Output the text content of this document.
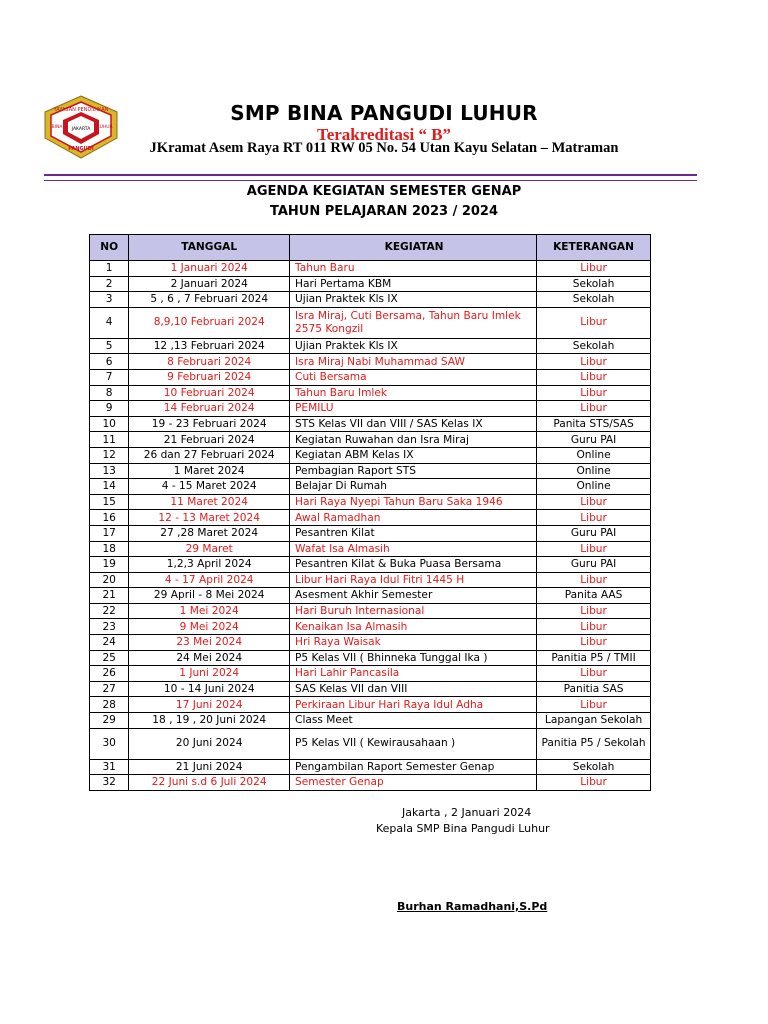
YAYASAN PENDIDIKAN
PANGUDI
BINA	LUHUR
JAKARTA
SMP BINA PANGUDI LUHUR
Terakreditasi “ B”
JKramat Asem Raya RT 011 RW 05 No. 54 Utan Kayu Selatan – Matraman
AGENDA KEGIATAN SEMESTER GENAP
TAHUN PELAJARAN 2023 / 2024
NO	TANGGAL	KEGIATAN	KETERANGAN
1	1 Januari 2024	Tahun Baru	Libur
2	2 Januari 2024	Hari Pertama KBM	Sekolah
3	5 , 6 , 7 Februari 2024	Ujian Praktek Kls IX	Sekolah
4	8,9,10 Februari 2024	Isra Miraj, Cuti Bersama, Tahun Baru Imlek 2575 Kongzil	Libur
5	12 ,13 Februari 2024	Ujian Praktek Kls IX	Sekolah
6	8 Februari 2024	Isra Miraj Nabi Muhammad SAW	Libur
7	9 Februari 2024	Cuti Bersama	Libur
8	10 Februari 2024	Tahun Baru Imlek	Libur
9	14 Februari 2024	PEMILU	Libur
10	19 - 23 Februari 2024	STS Kelas VII dan VIII / SAS Kelas IX	Panita STS/SAS
11	21 Februari 2024	Kegiatan Ruwahan dan Isra Miraj	Guru PAI
12	26 dan 27 Februari 2024	Kegiatan ABM Kelas IX	Online
13	1 Maret 2024	Pembagian Raport STS	Online
14	4 - 15 Maret 2024	Belajar Di Rumah	Online
15	11 Maret 2024	Hari Raya Nyepi Tahun Baru Saka 1946	Libur
16	12 - 13 Maret 2024	Awal Ramadhan	Libur
17	27 ,28 Maret 2024	Pesantren Kilat	Guru PAI
18	29 Maret	Wafat Isa Almasih	Libur
19	1,2,3 April 2024	Pesantren Kilat & Buka Puasa Bersama	Guru PAI
20	4 - 17 April 2024	Libur Hari Raya Idul Fitri 1445 H	Libur
21	29 April - 8 Mei 2024	Asesment Akhir Semester	Panita AAS
22	1 Mei 2024	Hari Buruh Internasional	Libur
23	9 Mei 2024	Kenaikan Isa Almasih	Libur
24	23 Mei 2024	Hri Raya Waisak	Libur
25	24 Mei 2024	P5 Kelas VII ( Bhinneka Tunggal Ika )	Panitia P5 / TMII
26	1 Juni 2024	Hari Lahir Pancasila	Libur
27	10 - 14 Juni 2024	SAS Kelas VII dan VIII	Panitia SAS
28	17 Juni 2024	Perkiraan Libur Hari Raya Idul Adha	Libur
29	18 , 19 , 20 Juni 2024	Class Meet	Lapangan Sekolah
30	20 Juni 2024	P5 Kelas VII ( Kewirausahaan )	Panitia P5 / Sekolah
31	21 Juni 2024	Pengambilan Raport Semester Genap	Sekolah
32	22 Juni s.d 6 Juli 2024	Semester Genap	Libur
Jakarta , 2 Januari 2024
Kepala SMP Bina Pangudi Luhur
Burhan Ramadhani,S.Pd
